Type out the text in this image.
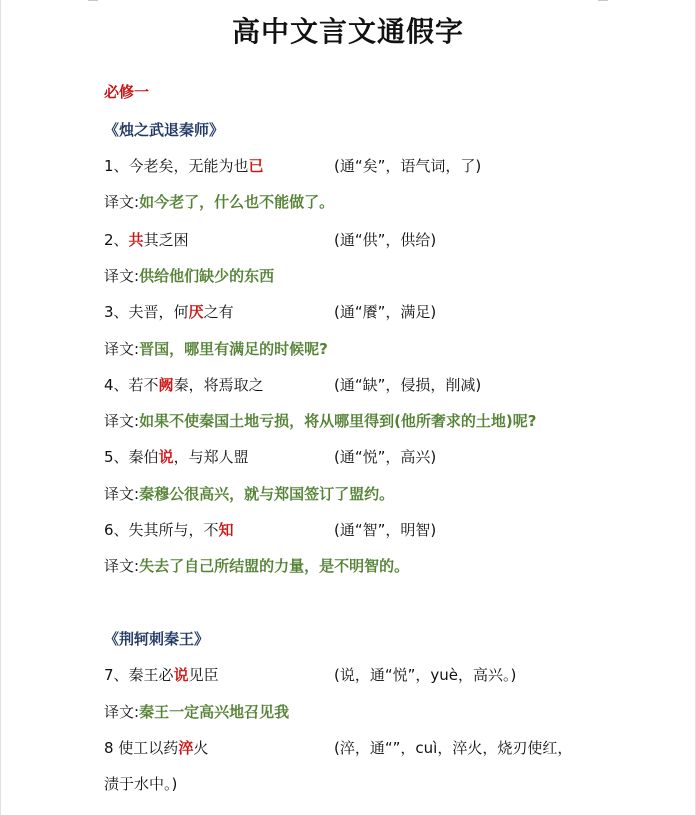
高中文言文通假字
必修一
《烛之武退秦师》
1、今老矣，无能为也已	(通“矣”，语气词，了)
译文:如今老了，什么也不能做了。
2、共其乏困	(通“供”，供给)
译文:供给他们缺少的东西
3、夫晋，何厌之有	(通“餍”，满足)
译文:晋国，哪里有满足的时候呢?
4、若不阙秦，将焉取之	(通“缺”，侵损，削减)
译文:如果不使秦国土地亏损，将从哪里得到(他所奢求的土地)呢?
5、秦伯说，与郑人盟	(通“悦”，高兴)
译文:秦穆公很高兴，就与郑国签订了盟约。
6、失其所与，不知	(通“智”，明智)
译文:失去了自己所结盟的力量，是不明智的。
《荆轲刺秦王》
7、秦王必说见臣	(说，通“悦”，yuè，高兴。)
译文:秦王一定高兴地召见我
8 使工以药淬火	(淬，通“”，cuì，淬火，烧刃使红，
渍于水中。)
